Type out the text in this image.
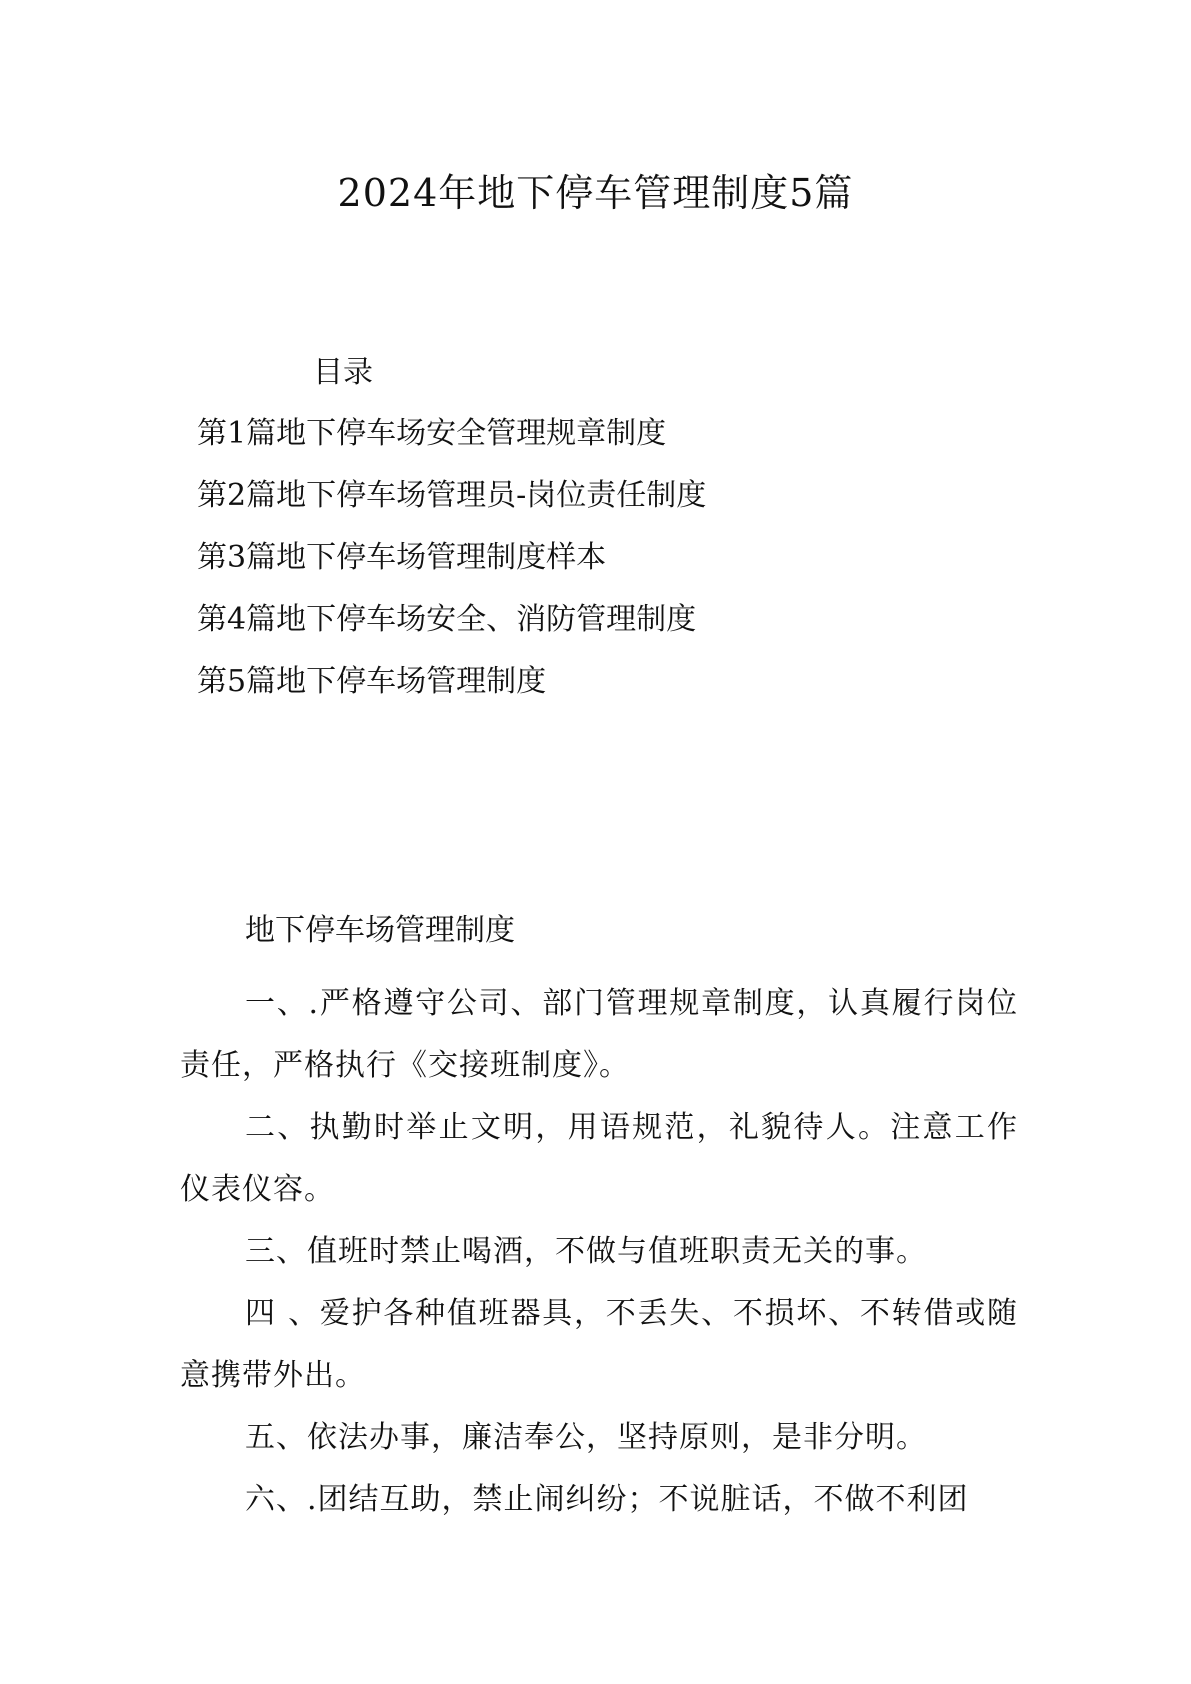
2024年地下停车管理制度5篇
目录
第1篇地下停车场安全管理规章制度
第2篇地下停车场管理员-岗位责任制度
第3篇地下停车场管理制度样本
第4篇地下停车场安全、消防管理制度
第5篇地下停车场管理制度
地下停车场管理制度

一、.严格遵守公司、部门管理规章制度，认真履行岗位责任，严格执行《交接班制度》。

二、执勤时举止文明，用语规范，礼貌待人。注意工作仪表仪容。

三、值班时禁止喝酒，不做与值班职责无关的事。

四 、爱护各种值班器具，不丢失、不损坏、不转借或随意携带外出。

五、依法办事，廉洁奉公，坚持原则，是非分明。

六、.团结互助，禁止闹纠纷；不说脏话，不做不利团
